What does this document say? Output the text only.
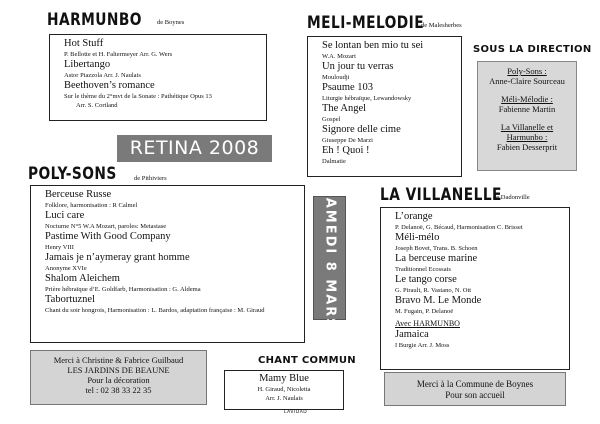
HARMUNBO de Boynes
Hot Stuff
P. Bellotte et H. Faltermeyer Arr. G. Wers
Libertango
Astor Piazzola Arr. J. Naulais
Beethoven’s romance
Sur le thème du 2°mvt de la Sonate : Pathétique Opus 13
Arr. S. Cortland
MELI-MELODIE
de Malesherbes
Se lontan ben mio tu sei
W.A. Mozart
Un jour tu verras
Mouloudji
Psaume 103
Liturgie hébraïque, Lewandowsky
The Angel
Gospel
Signore delle cime
Giuseppe De Marzi
Eh ! Quoi !
Dalmatie
SOUS LA DIRECTION
Poly-Sons :
Anne-Claire Sourceau
Méli-Mélodie :
Fabienne Martin
La Villanelle et
Harmunbo :
Fabien Desserprit
RETINA 2008
POLY-SONS	de Pithiviers
Berceuse Russe
Folklore, harmonisation : R Calmel
Luci care
Nocturne N°5 W.A Mozart, paroles: Metastase
Pastime With Good Company
Henry VIII
Jamais je n’aymeray grant homme
Anonyme XVIe
Shalom Aleichem
Prière hébraïque d’E. Goldfarb, Harmonisation : G. Aldema
Tabortuznel
Chant du soir hongrois, Harmonisation : L. Bardos, adaptation française : M. Giraud	SAMEDI 8 MARS	LA VILLANELLE
de Dadonville
L’orange
P. Delanoë, G. Bécaud, Harmonisation C. Brisset
Méli-mélo
Joseph Bovet, Trans. B. Schoen
La berceuse marine
Traditionnel Ecossais
Le tango corse
G. Pirault, R. Vastano, N. Ott
Bravo M. Le Monde
M. Fugain, P. Delanoë
Avec HARMUNBO
Jamaica
I Burgie Arr. J. Moss
Merci à Christine & Fabrice Guilbaud
LES JARDINS DE BEAUNE
Pour la décoration
tel : 02 38 33 22 35
CHANT COMMUN
Mamy Blue
H. Giraud, Nicoletta
Arr. J. Naulais
LAVIDAD
Merci à la Commune de Boynes
Pour son accueil
